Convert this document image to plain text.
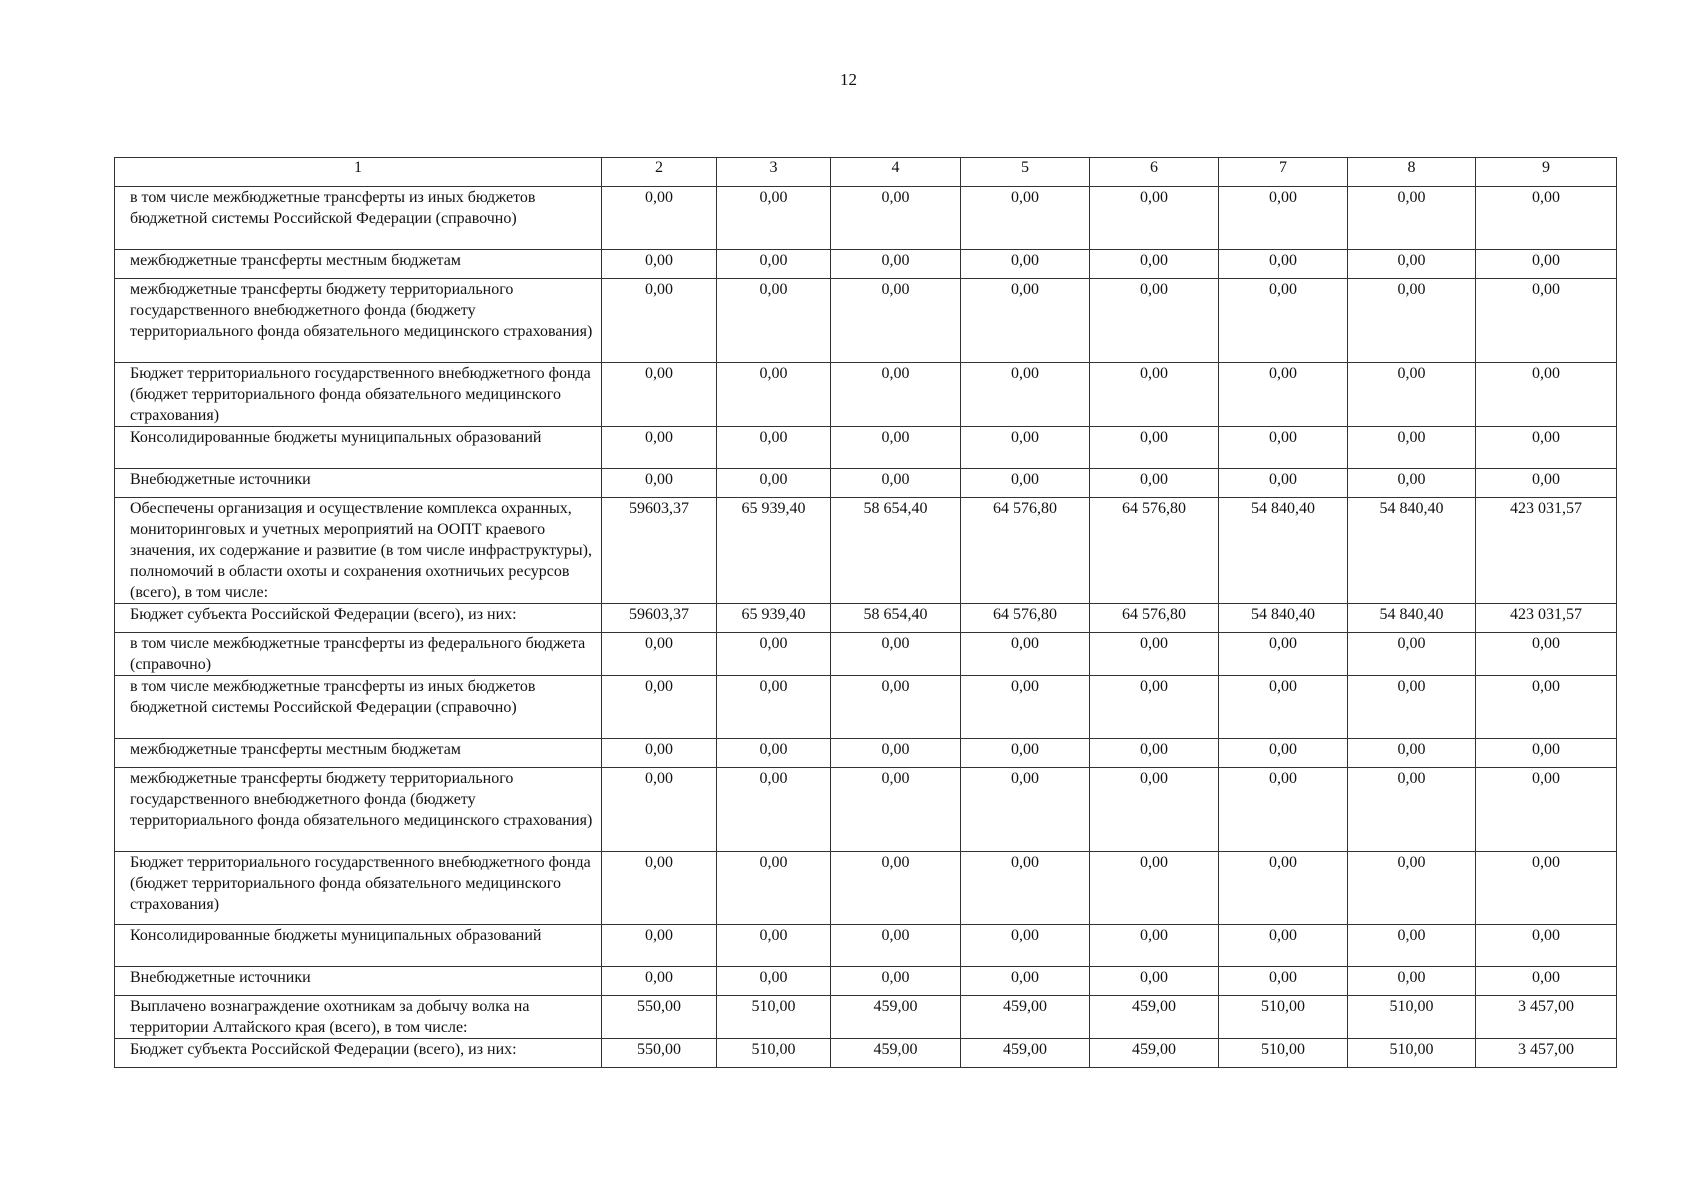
12
1	2	3	4	5	6	7	8	9
в том числе межбюджетные трансферты из иных бюджетов бюджетной системы Российской Федерации (справочно)	0,00	0,00	0,00	0,00	0,00	0,00	0,00	0,00
межбюджетные трансферты местным бюджетам	0,00	0,00	0,00	0,00	0,00	0,00	0,00	0,00
межбюджетные трансферты бюджету территориального государственного внебюджетного фонда (бюджету территориального фонда обязательного медицинского страхования)	0,00	0,00	0,00	0,00	0,00	0,00	0,00	0,00
Бюджет территориального государственного внебюджетного фонда (бюджет территориального фонда обязательного медицинского страхования)	0,00	0,00	0,00	0,00	0,00	0,00	0,00	0,00
Консолидированные бюджеты муниципальных образований	0,00	0,00	0,00	0,00	0,00	0,00	0,00	0,00
Внебюджетные источники	0,00	0,00	0,00	0,00	0,00	0,00	0,00	0,00
Обеспечены организация и осуществление комплекса охранных, мониторинговых и учетных мероприятий на ООПТ краевого значения, их содержание и развитие (в том числе инфраструктуры), полномочий в области охоты и сохранения охотничьих ресурсов (всего), в том числе:	59603,37	65 939,40	58 654,40	64 576,80	64 576,80	54 840,40	54 840,40	423 031,57
Бюджет субъекта Российской Федерации (всего), из них:	59603,37	65 939,40	58 654,40	64 576,80	64 576,80	54 840,40	54 840,40	423 031,57
в том числе межбюджетные трансферты из федерального бюджета (справочно)	0,00	0,00	0,00	0,00	0,00	0,00	0,00	0,00
в том числе межбюджетные трансферты из иных бюджетов бюджетной системы Российской Федерации (справочно)	0,00	0,00	0,00	0,00	0,00	0,00	0,00	0,00
межбюджетные трансферты местным бюджетам	0,00	0,00	0,00	0,00	0,00	0,00	0,00	0,00
межбюджетные трансферты бюджету территориального государственного внебюджетного фонда (бюджету территориального фонда обязательного медицинского страхования)	0,00	0,00	0,00	0,00	0,00	0,00	0,00	0,00
Бюджет территориального государственного внебюджетного фонда (бюджет территориального фонда обязательного медицинского страхования)	0,00	0,00	0,00	0,00	0,00	0,00	0,00	0,00
Консолидированные бюджеты муниципальных образований	0,00	0,00	0,00	0,00	0,00	0,00	0,00	0,00
Внебюджетные источники	0,00	0,00	0,00	0,00	0,00	0,00	0,00	0,00
Выплачено вознаграждение охотникам за добычу волка на территории Алтайского края (всего), в том числе:	550,00	510,00	459,00	459,00	459,00	510,00	510,00	3 457,00
Бюджет субъекта Российской Федерации (всего), из них:	550,00	510,00	459,00	459,00	459,00	510,00	510,00	3 457,00
